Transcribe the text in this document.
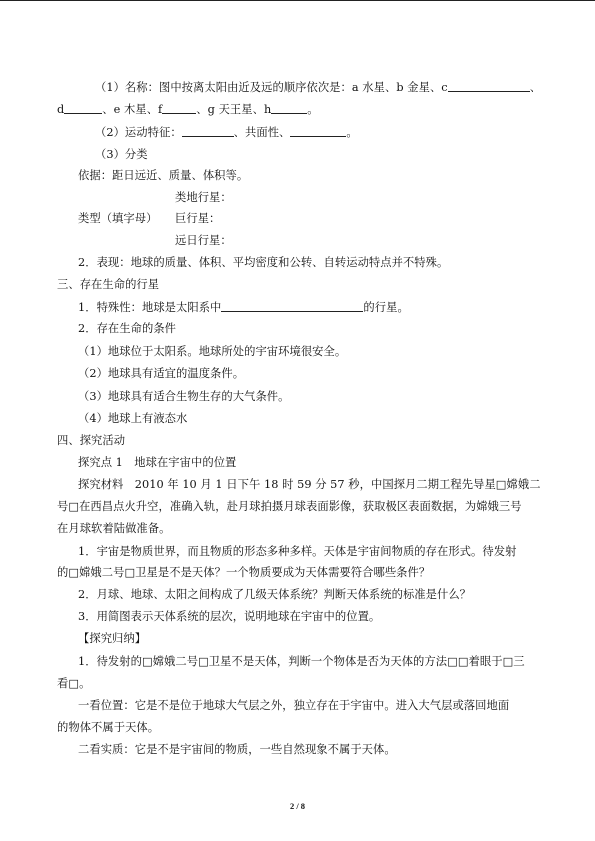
（1）名称：图中按离太阳由近及远的顺序依次是：a 水星、b 金星、c	、
d	、e 木星、f	、g 天王星、h	。
（2）运动特征：	、共面性、	。
（3）分类
依据：距日远近、质量、体积等。
类地行星：
类型（填字母） 巨行星：
远日行星：
2．表现：地球的质量、体积、平均密度和公转、自转运动特点并不特殊。
三、存在生命的行星
1．特殊性：地球是太阳系中	的行星。
2．存在生命的条件
（1）地球位于太阳系。地球所处的宇宙环境很安全。
（2）地球具有适宜的温度条件。
（3）地球具有适合生物生存的大气条件。
（4）地球上有液态水
四、探究活动
探究点 1　地球在宇宙中的位置
探究材料　2010 年 10 月 1 日下午 18 时 59 分 57 秒，中国探月二期工程先导星□嫦娥二
号□在西昌点火升空，准确入轨，赴月球拍摄月球表面影像，获取极区表面数据，为嫦娥三号
在月球软着陆做准备。
1．宇宙是物质世界，而且物质的形态多种多样。天体是宇宙间物质的存在形式。待发射
的□嫦娥二号□卫星是不是天体？一个物质要成为天体需要符合哪些条件？
2．月球、地球、太阳之间构成了几级天体系统？判断天体系统的标准是什么？
3．用简图表示天体系统的层次，说明地球在宇宙中的位置。
【探究归纳】
1．待发射的□嫦娥二号□卫星不是天体，判断一个物体是否为天体的方法□□着眼于□三
看□。
一看位置：它是不是位于地球大气层之外，独立存在于宇宙中。进入大气层或落回地面
的物体不属于天体。
二看实质：它是不是宇宙间的物质，一些自然现象不属于天体。
2 / 8
